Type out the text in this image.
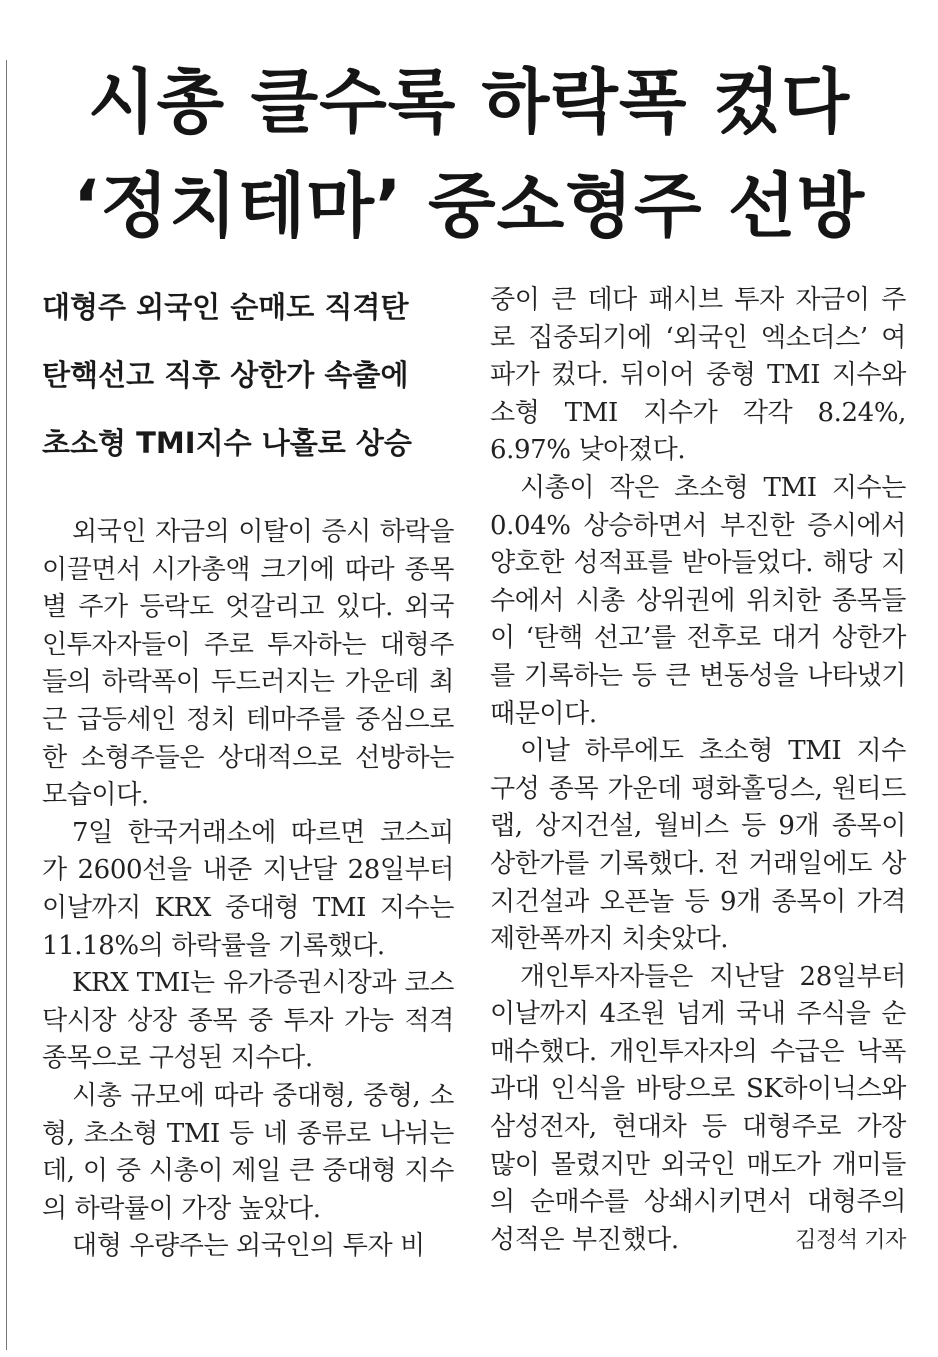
시총 클수록 하락폭 컸다
‘정치테마’ 중소형주 선방
대형주 외국인 순매도 직격탄
탄핵선고 직후 상한가 속출에
초소형 TMI지수 나홀로 상승

외국인 자금의 이탈이 증시 하락을 이끌면서 시가총액 크기에 따라 종목별 주가 등락도 엇갈리고 있다. 외국인투자자들이 주로 투자하는 대형주들의 하락폭이 두드러지는 가운데 최근 급등세인 정치 테마주를 중심으로 한 소형주들은 상대적으로 선방하는 모습이다.

7일 한국거래소에 따르면 코스피가 2600선을 내준 지난달 28일부터 이날까지 KRX 중대형 TMI 지수는 11.18%의 하락률을 기록했다.

KRX TMI는 유가증권시장과 코스닥시장 상장 종목 중 투자 가능 적격 종목으로 구성된 지수다.

시총 규모에 따라 중대형, 중형, 소형, 초소형 TMI 등 네 종류로 나뉘는데, 이 중 시총이 제일 큰 중대형 지수의 하락률이 가장 높았다.

대형 우량주는 외국인의 투자 비

중이 큰 데다 패시브 투자 자금이 주로 집중되기에 ‘외국인 엑소더스’ 여파가 컸다. 뒤이어 중형 TMI 지수와 소형 TMI 지수가 각각 8.24%, 6.97% 낮아졌다.

시총이 작은 초소형 TMI 지수는 0.04% 상승하면서 부진한 증시에서 양호한 성적표를 받아들었다. 해당 지수에서 시총 상위권에 위치한 종목들이 ‘탄핵 선고’를 전후로 대거 상한가를 기록하는 등 큰 변동성을 나타냈기 때문이다.

이날 하루에도 초소형 TMI 지수 구성 종목 가운데 평화홀딩스, 원티드랩, 상지건설, 월비스 등 9개 종목이 상한가를 기록했다. 전 거래일에도 상지건설과 오픈놀 등 9개 종목이 가격 제한폭까지 치솟았다.

개인투자자들은 지난달 28일부터 이날까지 4조원 넘게 국내 주식을 순매수했다. 개인투자자의 수급은 낙폭 과대 인식을 바탕으로 SK하이닉스와 삼성전자, 현대차 등 대형주로 가장 많이 몰렸지만 외국인 매도가 개미들의 순매수를 상쇄시키면서 대형주의 성적은 부진했다.	김정석 기자
